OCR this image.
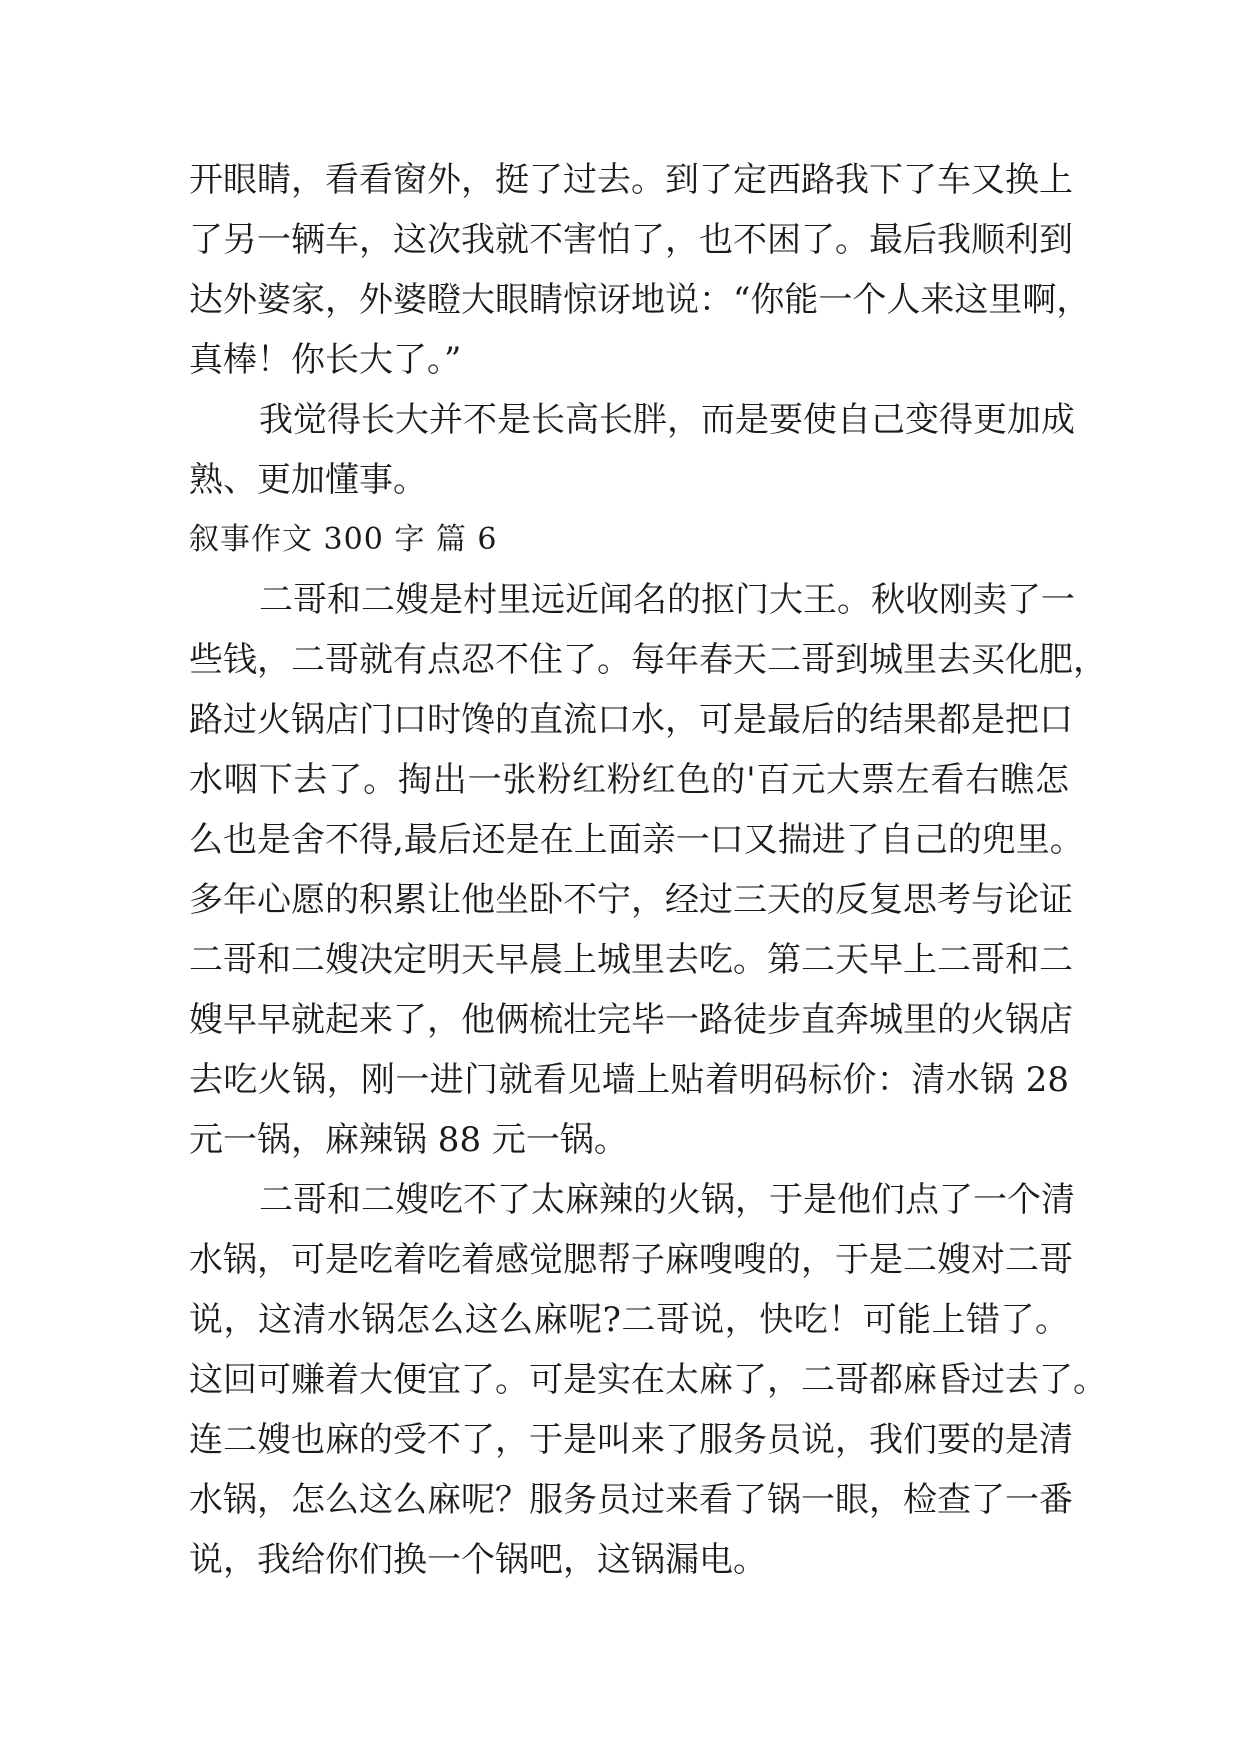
开眼睛，看看窗外，挺了过去。到了定西路我下了车又换上
了另一辆车，这次我就不害怕了，也不困了。最后我顺利到
达外婆家，外婆瞪大眼睛惊讶地说：“你能一个人来这里啊，
真棒！你长大了。”
我觉得长大并不是长高长胖，而是要使自己变得更加成
熟、更加懂事。
叙事作文 300 字 篇 6
二哥和二嫂是村里远近闻名的抠门大王。秋收刚卖了一
些钱，二哥就有点忍不住了。每年春天二哥到城里去买化肥，
路过火锅店门口时馋的直流口水，可是最后的结果都是把口
水咽下去了。掏出一张粉红粉红色的'百元大票左看右瞧怎
么也是舍不得,最后还是在上面亲一口又揣进了自己的兜里。
多年心愿的积累让他坐卧不宁，经过三天的反复思考与论证
二哥和二嫂决定明天早晨上城里去吃。第二天早上二哥和二
嫂早早就起来了，他俩梳壮完毕一路徒步直奔城里的火锅店
去吃火锅，刚一进门就看见墙上贴着明码标价：清水锅 28
元一锅，麻辣锅 88 元一锅。
二哥和二嫂吃不了太麻辣的火锅，于是他们点了一个清
水锅，可是吃着吃着感觉腮帮子麻嗖嗖的，于是二嫂对二哥
说，这清水锅怎么这么麻呢?二哥说，快吃！可能上错了。
这回可赚着大便宜了。可是实在太麻了，二哥都麻昏过去了。
连二嫂也麻的受不了，于是叫来了服务员说，我们要的是清
水锅，怎么这么麻呢？服务员过来看了锅一眼，检查了一番
说，我给你们换一个锅吧，这锅漏电。
